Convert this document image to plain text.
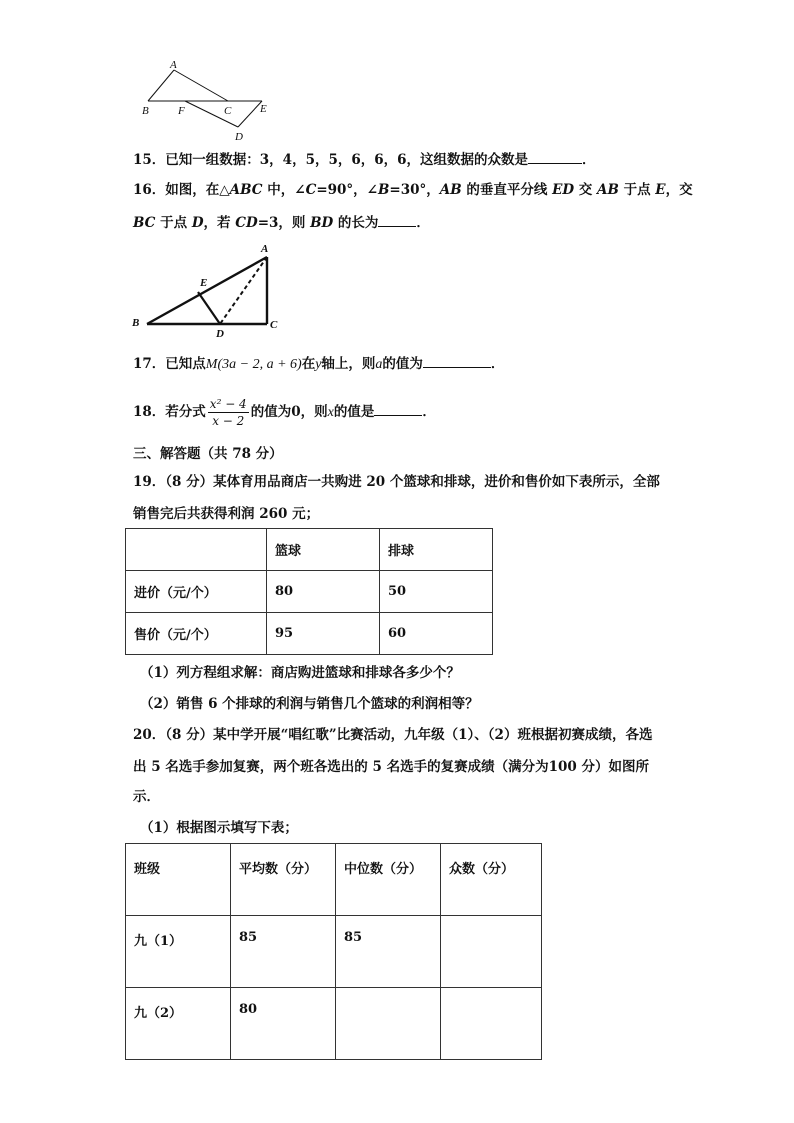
A
B	F	C	E
D
15．已知一组数据：3，4，5，5，6，6，6，这组数据的众数是	．
16．如图，在△ABC 中，∠C=90°，∠B=30°，AB 的垂直平分线 ED 交 AB 于点 E，交
BC 于点 D，若 CD=3，则 BD 的长为	．
A
E
B
D
C
17．已知点M(3a − 2, a + 6)在y轴上，则a的值为	．
18．若分式 $\frac{\text{x² − 4}}{x - 2}$ 的值为0，则x的值是	．
三、解答题（共 78 分）
19．（8 分）某体育用品商店一共购进 20 个篮球和排球，进价和售价如下表所示，全部
销售完后共获得利润 260 元；
	篮球	排球
进价（元/个）	80	50
售价（元/个）	95	60
（1）列方程组求解：商店购进篮球和排球各多少个？
（2）销售 6 个排球的利润与销售几个篮球的利润相等？
20．（8 分）某中学开展“唱红歌”比赛活动，九年级（1）、（2）班根据初赛成绩，各选
出 5 名选手参加复赛，两个班各选出的 5 名选手的复赛成绩（满分为100 分）如图所
示．
（1）根据图示填写下表；
班级	平均数（分）	中位数（分）	众数（分）
九（1）	85	85	
九（2）	80		
